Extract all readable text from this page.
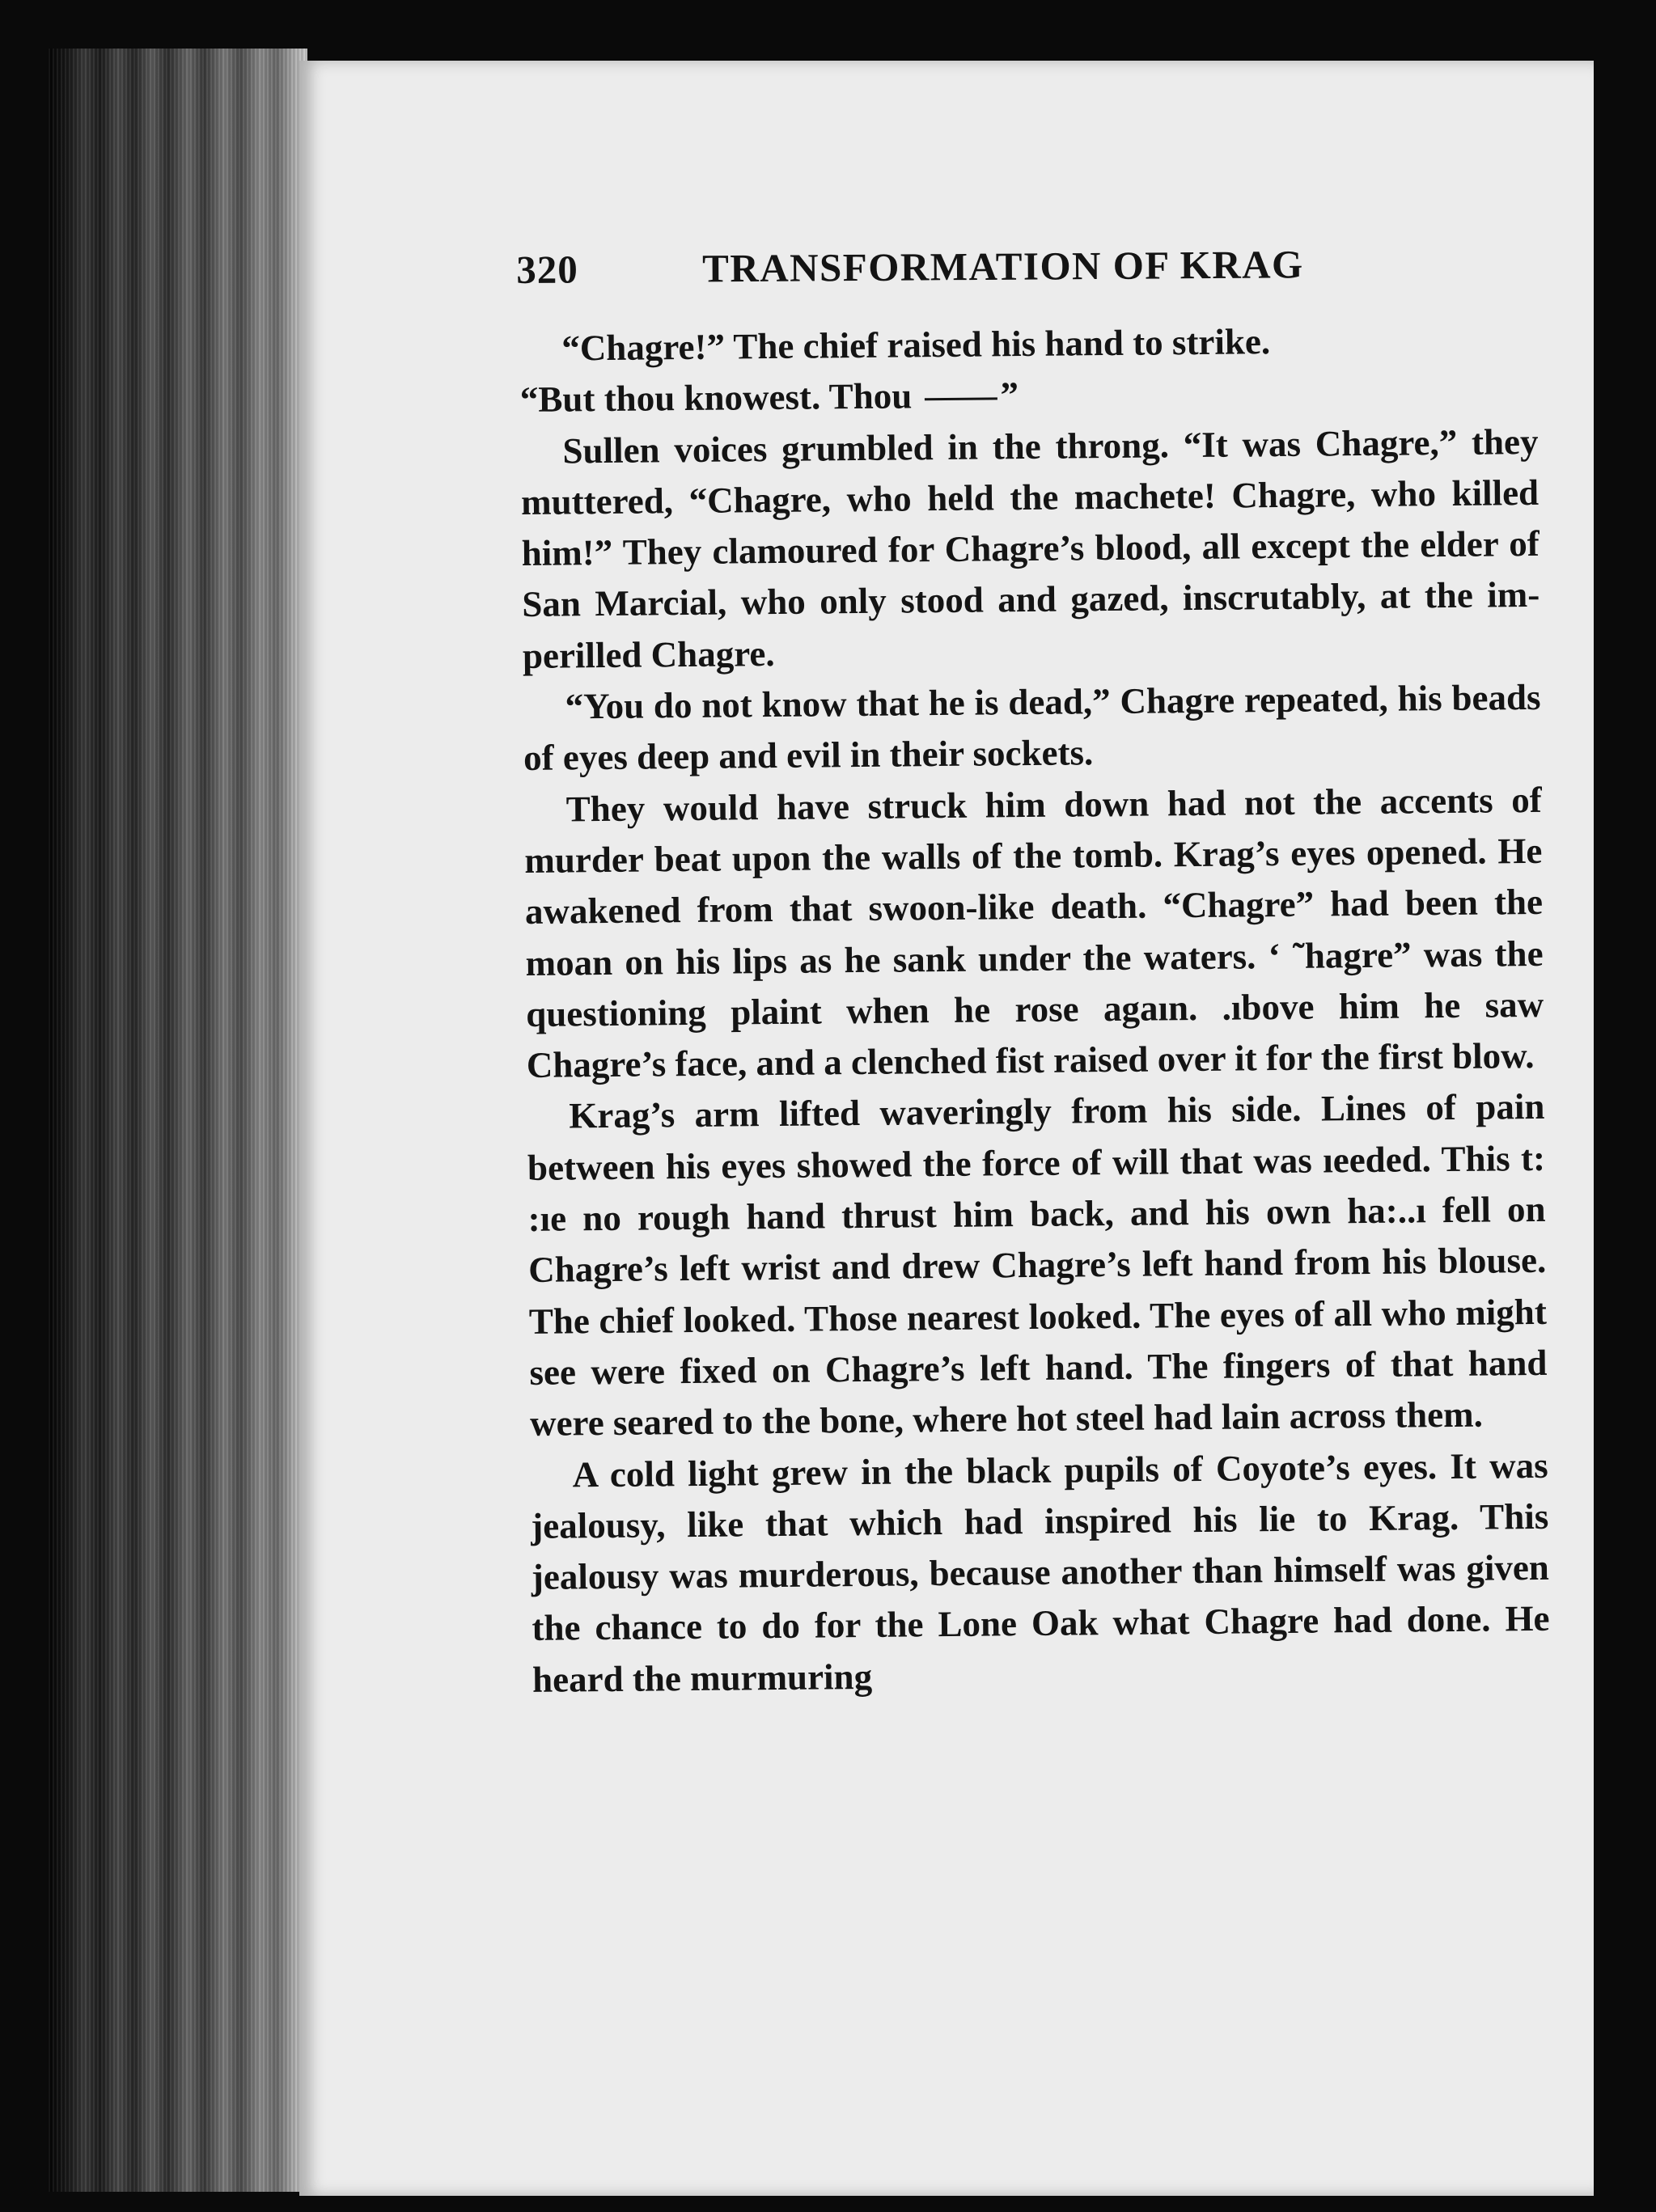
320	TRANSFORMATION OF KRAG

“Chagre!” The chief raised his hand to strike.

“But thou knowest. Thou ”

Sullen voices grumbled in the throng. “It was Chagre,” they muttered, “Chagre, who held the machete! Chagre, who killed him!” They clamoured for Chagre’s blood, all except the elder of San Marcial, who only stood and gazed, inscrutably, at the imperilled Chagre.

“You do not know that he is dead,” Chagre repeated, his beads of eyes deep and evil in their sockets.

They would have struck him down had not the accents of murder beat upon the walls of the tomb. Krag’s eyes opened. He awakened from that swoon-like death. “Chagre” had been the moan on his lips as he sank under the waters. ‘ ˜hagre” was the questioning plaint when he rose agaın. .ıbove him he saw Chagre’s face, and a clenched fist raised over it for the first blow.

Krag’s arm lifted waveringly from his side. Lines of pain between his eyes showed the force of will that was ıeeded. This t: :ıe no rough hand thrust him back, and his own ha:..ı fell on Chagre’s left wrist and drew Chagre’s left hand from his blouse. The chief looked. Those nearest looked. The eyes of all who might see were fixed on Chagre’s left hand. The fingers of that hand were seared to the bone, where hot steel had lain across them.

A cold light grew in the black pupils of Coyote’s eyes. It was jealousy, like that which had inspired his lie to Krag. This jealousy was murderous, because another than himself was given the chance to do for the Lone Oak what Chagre had done. He heard the murmuring
